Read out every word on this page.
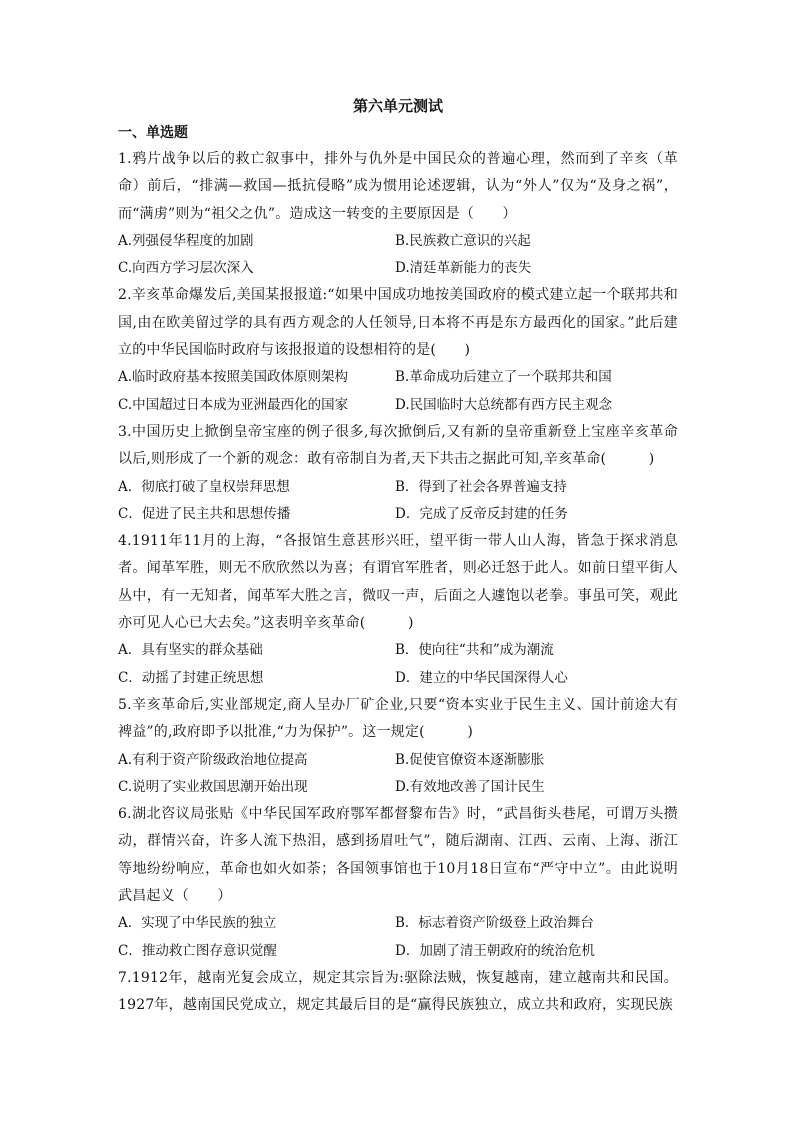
第六单元测试
一、单选题

1.鸦片战争以后的救亡叙事中，排外与仇外是中国民众的普遍心理，然而到了辛亥（革命）前后，“排满—救国—抵抗侵略”成为惯用论述逻辑，认为“外人”仅为“及身之祸”，而“满虏”则为“祖父之仇”。造成这一转变的主要原因是（　　）

A.列强侵华程度的加剧	B.民族救亡意识的兴起
C.向西方学习层次深入	D.清廷革新能力的丧失

2.辛亥革命爆发后,美国某报报道:“如果中国成功地按美国政府的模式建立起一个联邦共和国,由在欧美留过学的具有西方观念的人任领导,日本将不再是东方最西化的国家。”此后建立的中华民国临时政府与该报报道的设想相符的是(　　)

A.临时政府基本按照美国政体原则架构	B.革命成功后建立了一个联邦共和国
C.中国超过日本成为亚洲最西化的国家	D.民国临时大总统都有西方民主观念

3.中国历史上掀倒皇帝宝座的例子很多,每次掀倒后,又有新的皇帝重新登上宝座辛亥革命以后,则形成了一个新的观念：敢有帝制自为者,天下共击之据此可知,辛亥革命(　　　)

A．彻底打破了皇权崇拜思想	B．得到了社会各界普遍支持
C．促进了民主共和思想传播	D．完成了反帝反封建的任务

4.1911年11月的上海，“各报馆生意甚形兴旺，望平街一带人山人海，皆急于探求消息者。闻革军胜，则无不欣欣然以为喜；有谓官军胜者，则必迁怒于此人。如前日望平街人丛中，有一无知者，闻革军大胜之言，微叹一声，后面之人遽饱以老拳。事虽可笑，观此亦可见人心已大去矣。”这表明辛亥革命(　　　)

A．具有坚实的群众基础	B．使向往“共和”成为潮流
C．动摇了封建正统思想	D．建立的中华民国深得人心

5.辛亥革命后,实业部规定,商人呈办厂矿企业,只要“资本实业于民生主义、国计前途大有裨益”的,政府即予以批准,“力为保护”。这一规定(　　　)

A.有利于资产阶级政治地位提高	B.促使官僚资本逐渐膨胀
C.说明了实业救国思潮开始出现	D.有效地改善了国计民生

6.湖北咨议局张贴《中华民国军政府鄂军都督黎布告》时，“武昌街头巷尾，可谓万头攒动，群情兴奋，许多人流下热泪，感到扬眉吐气”，随后湖南、江西、云南、上海、浙江等地纷纷响应，革命也如火如荼；各国领事馆也于10月18日宣布“严守中立”。由此说明武昌起义（　　）

A．实现了中华民族的独立	B．标志着资产阶级登上政治舞台
C．推动救亡图存意识觉醒	D．加剧了清王朝政府的统治危机

7.1912年，越南光复会成立，规定其宗旨为:驱除法贼，恢复越南，建立越南共和民国。1927年，越南国民党成立，规定其最后目的是“赢得民族独立，成立共和政府，实现民族
